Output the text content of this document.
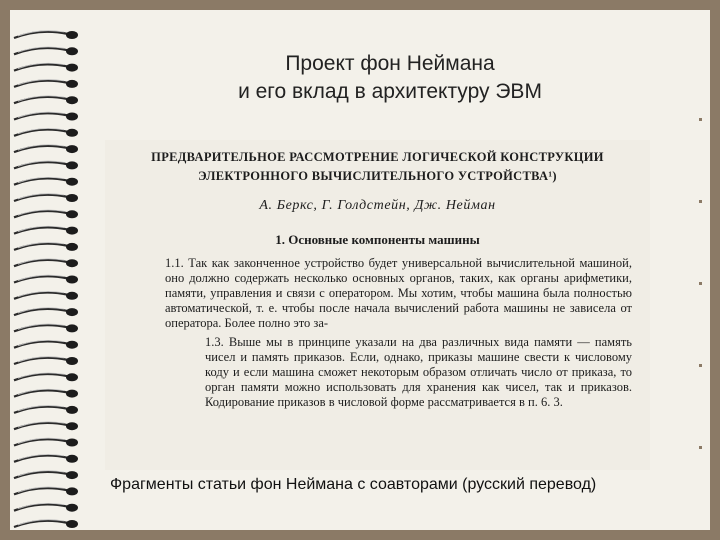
Проект фон Неймана
и его вклад в архитектуру ЭВМ
ПРЕДВАРИТЕЛЬНОЕ РАССМОТРЕНИЕ ЛОГИЧЕСКОЙ КОНСТРУКЦИИ
ЭЛЕКТРОННОГО ВЫЧИСЛИТЕЛЬНОГО УСТРОЙСТВА¹)
А. Беркс, Г. Голдстейн, Дж. Нейман
1. Основные компоненты машины
1.1. Так как законченное устройство будет универсальной вычислительной машиной, оно должно содержать несколько основных органов, таких, как органы арифметики, памяти, управления и связи с оператором. Мы хотим, чтобы машина была полностью автоматической, т. е. чтобы после начала вычислений работа машины не зависела от оператора. Более полно это за-
1.3. Выше мы в принципе указали на два различных вида памяти — память чисел и память приказов. Если, однако, приказы машине свести к числовому коду и если машина сможет некоторым образом отличать число от приказа, то орган памяти можно использовать для хранения как чисел, так и приказов. Кодирование приказов в числовой форме рассматривается в п. 6. 3.
Фрагменты статьи фон Неймана с соавторами (русский перевод)
